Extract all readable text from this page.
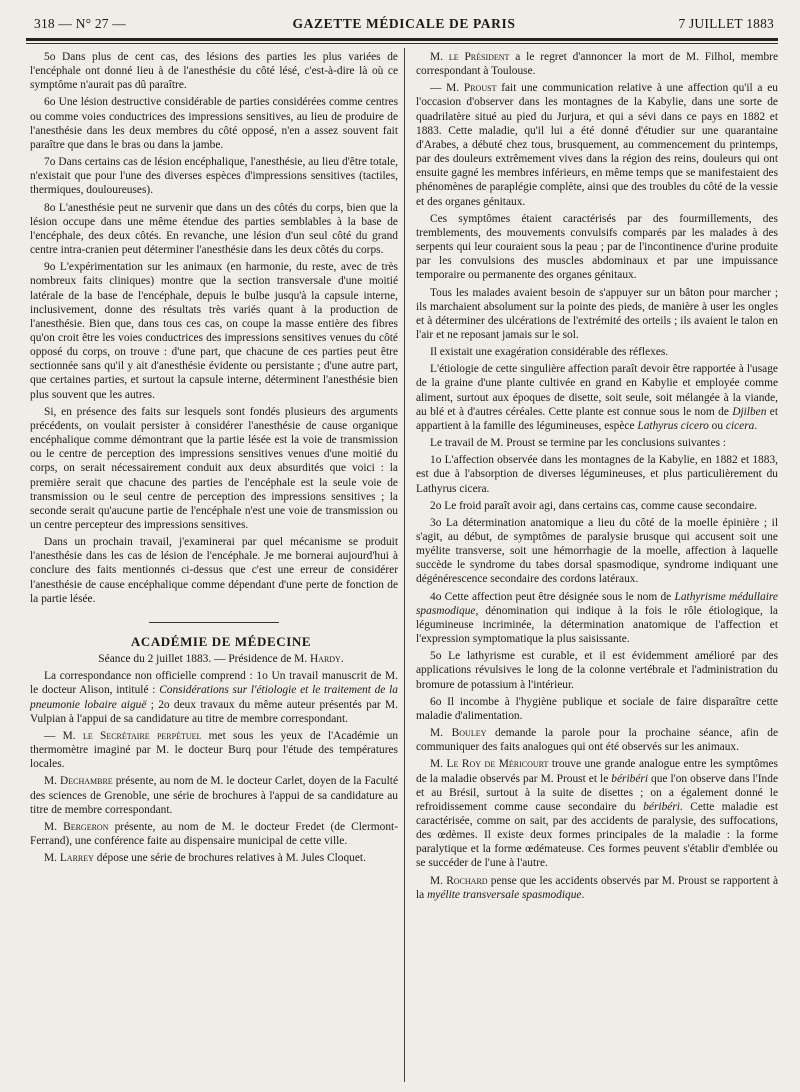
318 — N° 27 —	GAZETTE MÉDICALE DE PARIS	7 JUILLET 1883

5o Dans plus de cent cas, des lésions des parties les plus variées de l'encéphale ont donné lieu à de l'anesthésie du côté lésé, c'est-à-dire là où ce symptôme n'aurait pas dû paraître.

6o Une lésion destructive considérable de parties considérées comme centres ou comme voies conductrices des impressions sensitives, au lieu de produire de l'anesthésie dans les deux membres du côté opposé, n'en a assez souvent fait paraître que dans le bras ou dans la jambe.

7o Dans certains cas de lésion encéphalique, l'anesthésie, au lieu d'être totale, n'existait que pour l'une des diverses espèces d'impressions sensitives (tactiles, thermiques, douloureuses).

8o L'anesthésie peut ne survenir que dans un des côtés du corps, bien que la lésion occupe dans une même étendue des parties semblables à la base de l'encéphale, des deux côtés. En revanche, une lésion d'un seul côté du grand centre intra-cranien peut déterminer l'anesthésie dans les deux côtés du corps.

9o L'expérimentation sur les animaux (en harmonie, du reste, avec de très nombreux faits cliniques) montre que la section transversale d'une moitié latérale de la base de l'encéphale, depuis le bulbe jusqu'à la capsule interne, inclusivement, donne des résultats très variés quant à la production de l'anesthésie. Bien que, dans tous ces cas, on coupe la masse entière des fibres qu'on croit être les voies conductrices des impressions sensitives venues du côté opposé du corps, on trouve : d'une part, que chacune de ces parties peut être sectionnée sans qu'il y ait d'anesthésie évidente ou persistante ; d'une autre part, que certaines parties, et surtout la capsule interne, déterminent l'anesthésie bien plus souvent que les autres.

Si, en présence des faits sur lesquels sont fondés plusieurs des arguments précédents, on voulait persister à considérer l'anesthésie de cause organique encéphalique comme démontrant que la partie lésée est la voie de transmission ou le centre de perception des impressions sensitives venues d'une moitié du corps, on serait nécessairement conduit aux deux absurdités que voici : la première serait que chacune des parties de l'encéphale est la seule voie de transmission ou le seul centre de perception des impressions sensitives ; la seconde serait qu'aucune partie de l'encéphale n'est une voie de transmission ou un centre percepteur des impressions sensitives.

Dans un prochain travail, j'examinerai par quel mécanisme se produit l'anesthésie dans les cas de lésion de l'encéphale. Je me bornerai aujourd'hui à conclure des faits mentionnés ci-dessus que c'est une erreur de considérer l'anesthésie de cause encéphalique comme dépendant d'une perte de fonction de la partie lésée.

ACADÉMIE DE MÉDECINE

Séance du 2 juillet 1883. — Présidence de M. Hardy.

La correspondance non officielle comprend : 1o Un travail manuscrit de M. le docteur Alison, intitulé : Considérations sur l'étiologie et le traitement de la pneumonie lobaire aiguë ; 2o deux travaux du même auteur présentés par M. Vulpian à l'appui de sa candidature au titre de membre correspondant.

— M. le Secrétaire perpétuel met sous les yeux de l'Académie un thermomètre imaginé par M. le docteur Burq pour l'étude des températures locales.

M. Dechambre présente, au nom de M. le docteur Carlet, doyen de la Faculté des sciences de Grenoble, une série de brochures à l'appui de sa candidature au titre de membre correspondant.

M. Bergeron présente, au nom de M. le docteur Fredet (de Clermont-Ferrand), une conférence faite au dispensaire municipal de cette ville.

M. Larrey dépose une série de brochures relatives à M. Jules Cloquet.

M. le Président a le regret d'annoncer la mort de M. Filhol, membre correspondant à Toulouse.

— M. Proust fait une communication relative à une affection qu'il a eu l'occasion d'observer dans les montagnes de la Kabylie, dans une sorte de quadrilatère situé au pied du Jurjura, et qui a sévi dans ce pays en 1882 et 1883. Cette maladie, qu'il lui a été donné d'étudier sur une quarantaine d'Arabes, a débuté chez tous, brusquement, au commencement du printemps, par des douleurs extrêmement vives dans la région des reins, douleurs qui ont ensuite gagné les membres inférieurs, en même temps que se manifestaient des phénomènes de paraplégie complète, ainsi que des troubles du côté de la vessie et des organes génitaux.

Ces symptômes étaient caractérisés par des fourmillements, des tremblements, des mouvements convulsifs comparés par les malades à des serpents qui leur couraient sous la peau ; par de l'incontinence d'urine produite par les convulsions des muscles abdominaux et par une impuissance temporaire ou permanente des organes génitaux.

Tous les malades avaient besoin de s'appuyer sur un bâton pour marcher ; ils marchaient absolument sur la pointe des pieds, de manière à user les ongles et à déterminer des ulcérations de l'extrémité des orteils ; ils avaient le talon en l'air et ne reposant jamais sur le sol.

Il existait une exagération considérable des réflexes.

L'étiologie de cette singulière affection paraît devoir être rapportée à l'usage de la graine d'une plante cultivée en grand en Kabylie et employée comme aliment, surtout aux époques de disette, soit seule, soit mélangée à la viande, au blé et à d'autres céréales. Cette plante est connue sous le nom de Djilben et appartient à la famille des légumineuses, espèce Lathyrus cicero ou cicera.

Le travail de M. Proust se termine par les conclusions suivantes :

1o L'affection observée dans les montagnes de la Kabylie, en 1882 et 1883, est due à l'absorption de diverses légumineuses, et plus particulièrement du Lathyrus cicera.

2o Le froid paraît avoir agi, dans certains cas, comme cause secondaire.

3o La détermination anatomique a lieu du côté de la moelle épinière ; il s'agit, au début, de symptômes de paralysie brusque qui accusent soit une myélite transverse, soit une hémorrhagie de la moelle, affection à laquelle succède le syndrome du tabes dorsal spasmodique, syndrome indiquant une dégénérescence secondaire des cordons latéraux.

4o Cette affection peut être désignée sous le nom de Lathyrisme médullaire spasmodique, dénomination qui indique à la fois le rôle étiologique, la légumineuse incriminée, la détermination anatomique de l'affection et l'expression symptomatique la plus saisissante.

5o Le lathyrisme est curable, et il est évidemment amélioré par des applications révulsives le long de la colonne vertébrale et l'administration du bromure de potassium à l'intérieur.

6o Il incombe à l'hygiène publique et sociale de faire disparaître cette maladie d'alimentation.

M. Bouley demande la parole pour la prochaine séance, afin de communiquer des faits analogues qui ont été observés sur les animaux.

M. Le Roy de Méricourt trouve une grande analogue entre les symptômes de la maladie observés par M. Proust et le béribéri que l'on observe dans l'Inde et au Brésil, surtout à la suite de disettes ; on a également donné le refroidissement comme cause secondaire du béribéri. Cette maladie est caractérisée, comme on sait, par des accidents de paralysie, des suffocations, des œdèmes. Il existe deux formes principales de la maladie : la forme paralytique et la forme œdémateuse. Ces formes peuvent s'établir d'emblée ou se succéder de l'une à l'autre.

M. Rochard pense que les accidents observés par M. Proust se rapportent à la myélite transversale spasmodique.
